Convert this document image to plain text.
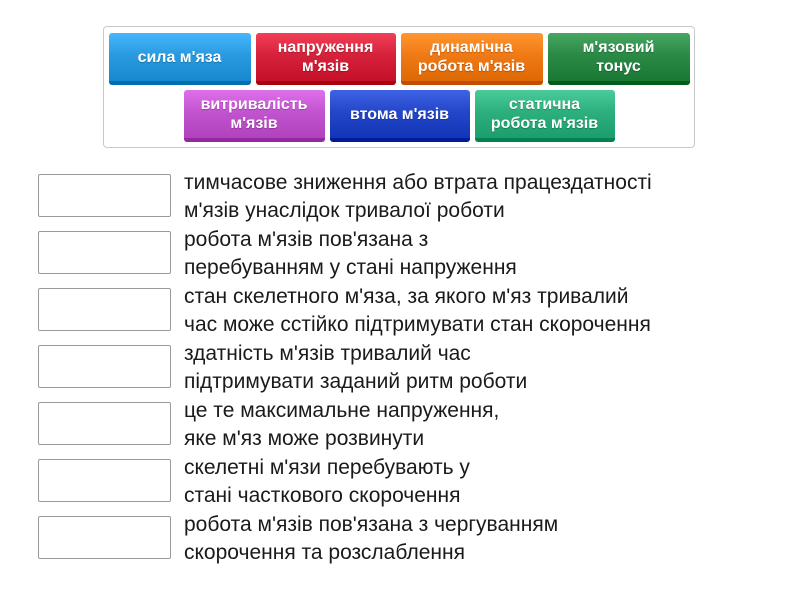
сила м'яза
напруження
м'язів
динамічна
робота м'язів
м'язовий
тонус
витривалість
м'язів
втома м'язів
статична
робота м'язів
тимчасове зниження або втрата працездатності
м'язів унаслідок тривалої роботи
робота м'язів пов'язана з
перебуванням у стані напруження
стан скелетного м'яза, за якого м'яз тривалий
час може сстійко підтримувати стан скорочення
здатність м'язів тривалий час
підтримувати заданий ритм роботи
це те максимальне напруження,
яке м'яз може розвинути
скелетні м'язи перебувають у
стані часткового скорочення
робота м'язів пов'язана з чергуванням
скорочення та розслаблення
